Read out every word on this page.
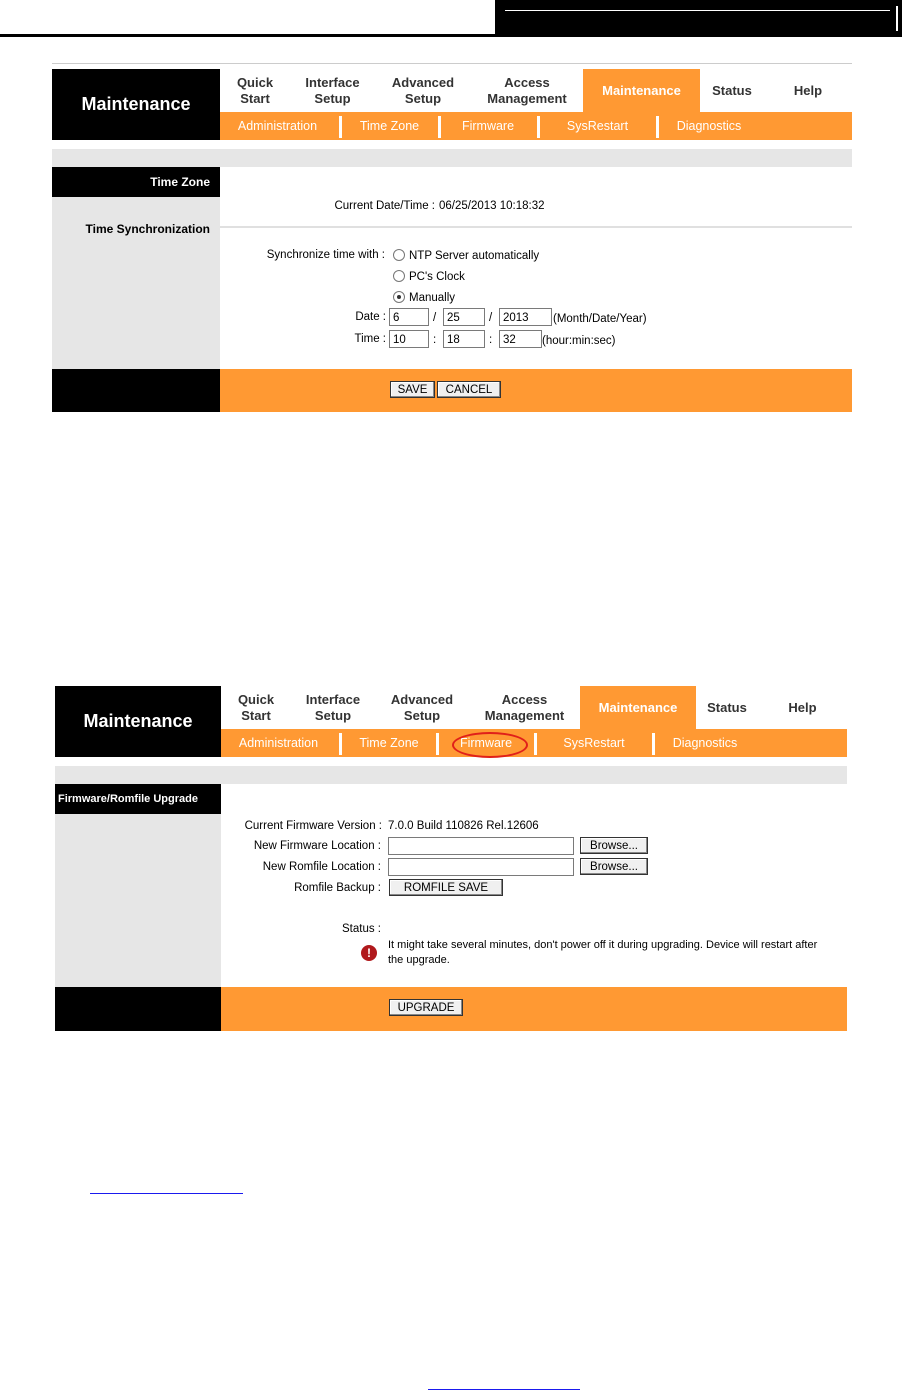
Maintenance
Quick
Start
Interface
Setup
Advanced
Setup
Access
Management
Maintenance Status	Help
Administration	Time Zone	Firmware	SysRestart	Diagnostics
Time Zone
Time Synchronization
Current Date/Time : 06/25/2013 10:18:32
Synchronize time with : NTP Server automatically
PC's Clock
Manually
Date : 6	/ 25	/ 2013	(Month/Date/Year)
Time : 10	: 18	: 32	(hour:min:sec)
SAVE	CANCEL
Maintenance
Quick
Start
Interface
Setup
Advanced
Setup
Access
Management
Maintenance Status	Help
Administration	Time Zone	Firmware	SysRestart	Diagnostics
Firmware/Romfile Upgrade
Current Firmware Version : 7.0.0 Build 110826 Rel.12606
New Firmware Location :	Browse...
New Romfile Location :	Browse...
Romfile Backup :	ROMFILE SAVE
Status :
!
It might take several minutes, don't power off it during upgrading. Device will restart after
the upgrade.
UPGRADE
